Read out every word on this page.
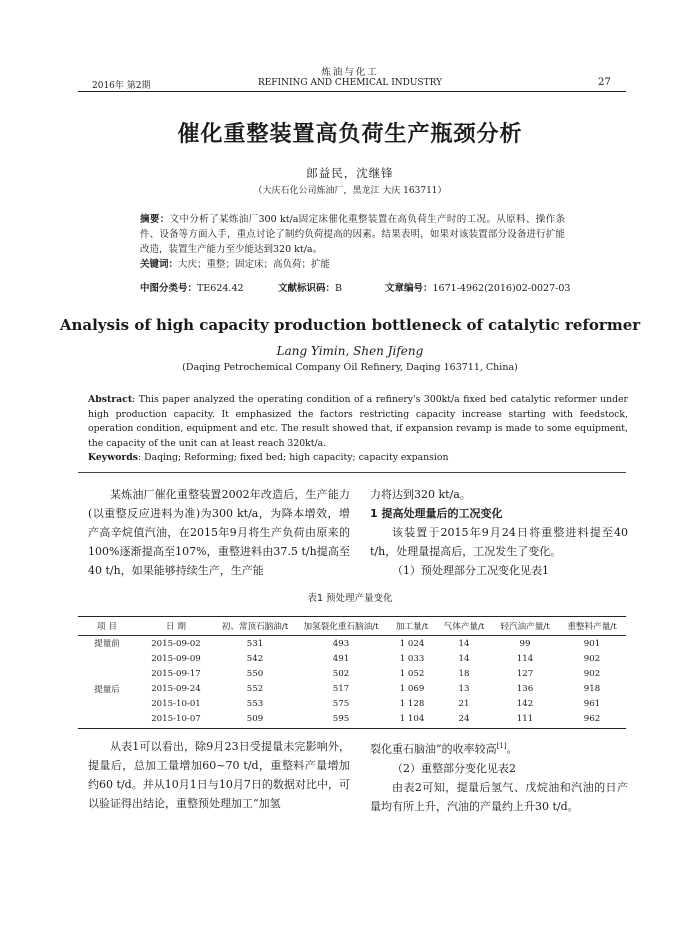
炼油与化工
REFINING AND CHEMICAL INDUSTRY
2016年 第2期	27
催化重整装置高负荷生产瓶颈分析
郎益民，沈继锋
（大庆石化公司炼油厂，黑龙江 大庆 163711）
摘要：文中分析了某炼油厂300 kt/a固定床催化重整装置在高负荷生产时的工况。从原料、操作条件、设备等方面入手，重点讨论了制约负荷提高的因素。结果表明，如果对该装置部分设备进行扩能改造，装置生产能力至少能达到320 kt/a。
关键词：大庆；重整；固定床；高负荷；扩能
中图分类号：TE624.42	文献标识码：B	文章编号：1671-4962(2016)02-0027-03
Analysis of high capacity production bottleneck of catalytic reformer
Lang Yimin, Shen Jifeng
(Daqing Petrochemical Company Oil Refinery, Daqing 163711, China)
Abstract: This paper analyzed the operating condition of a refinery's 300kt/a fixed bed catalytic reformer under high production capacity. It emphasized the factors restricting capacity increase starting with feedstock, operation condition, equipment and etc. The result showed that, if expansion revamp is made to some equipment, the capacity of the unit can at least reach 320kt/a.
Keywords: Daqing; Reforming; fixed bed; high capacity; capacity expansion
某炼油厂催化重整装置2002年改造后，生产能力(以重整反应进料为准)为300 kt/a，为降本增效，增产高辛烷值汽油，在2015年9月将生产负荷由原来的100%逐渐提高至107%，重整进料由37.5 t/h提高至40 t/h，如果能够持续生产，生产能
力将达到320 kt/a。
1 提高处理量后的工况变化
该装置于2015年9月24日将重整进料提至40 t/h，处理量提高后，工况发生了变化。
（1）预处理部分工况变化见表1
表1 预处理产量变化
项 目	日 期	初、常顶石脑油/t	加氢裂化重石脑油/t	加工量/t	气体产量/t	轻汽油产量/t	重整料产量/t
提量前	2015-09-02	531	493	1 024	14	99	901
	2015-09-09	542	491	1 033	14	114	902
	2015-09-17	550	502	1 052	18	127	902
提量后	2015-09-24	552	517	1 069	13	136	918
	2015-10-01	553	575	1 128	21	142	961
	2015-10-07	509	595	1 104	24	111	962
从表1可以看出，除9月23日受提量未完影响外，提量后，总加工量增加60~70 t/d，重整料产量增加约60 t/d。并从10月1日与10月7日的数据对比中，可以验证得出结论，重整预处理加工“加氢
裂化重石脑油”的收率较高[1]。
（2）重整部分变化见表2
由表2可知，提量后氢气、戊烷油和汽油的日产量均有所上升，汽油的产量约上升30 t/d。
